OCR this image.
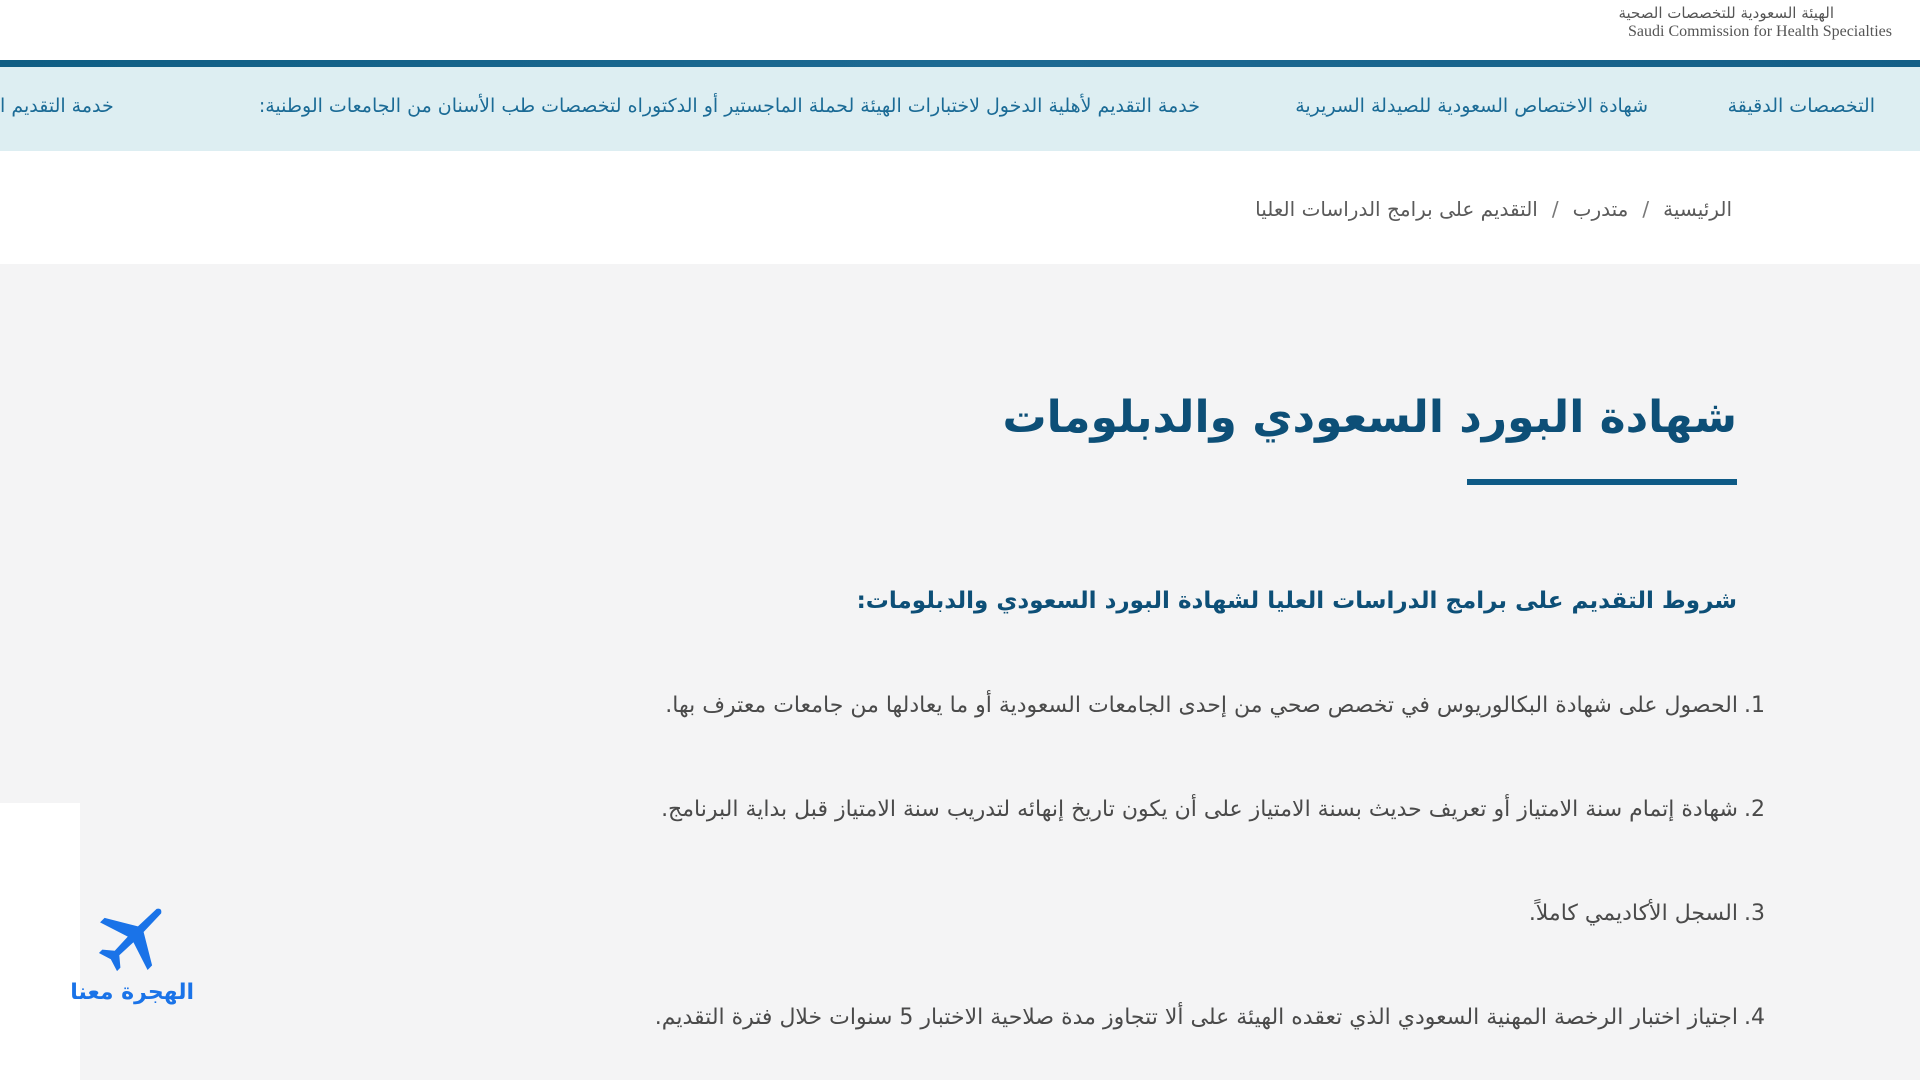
الهيئة السعودية للتخصصات الصحية
Saudi Commission for Health Specialties
التخصصات الدقيقة
شهادة الاختصاص السعودية للصيدلة السريرية
خدمة التقديم لأهلية الدخول لاختبارات الهيئة لحملة الماجستير أو الدكتوراه لتخصصات طب الأسنان من الجامعات الوطنية:
خدمة التقديم ا
الرئيسية/متدرب/التقديم على برامج الدراسات العليا
شهادة البورد السعودي والدبلومات
شروط التقديم على برامج الدراسات العليا لشهادة البورد السعودي والدبلومات:
1.الحصول على شهادة البكالوريوس في تخصص صحي من إحدى الجامعات السعودية أو ما يعادلها من جامعات معترف بها.
2.شهادة إتمام سنة الامتياز أو تعريف حديث بسنة الامتياز على أن يكون تاريخ إنهائه لتدريب سنة الامتياز قبل بداية البرنامج.
3.السجل الأكاديمي كاملاً.
4.اجتياز اختبار الرخصة المهنية السعودي الذي تعقده الهيئة على ألا تتجاوز مدة صلاحية الاختبار 5 سنوات خلال فترة التقديم.
الهجرة معنا
